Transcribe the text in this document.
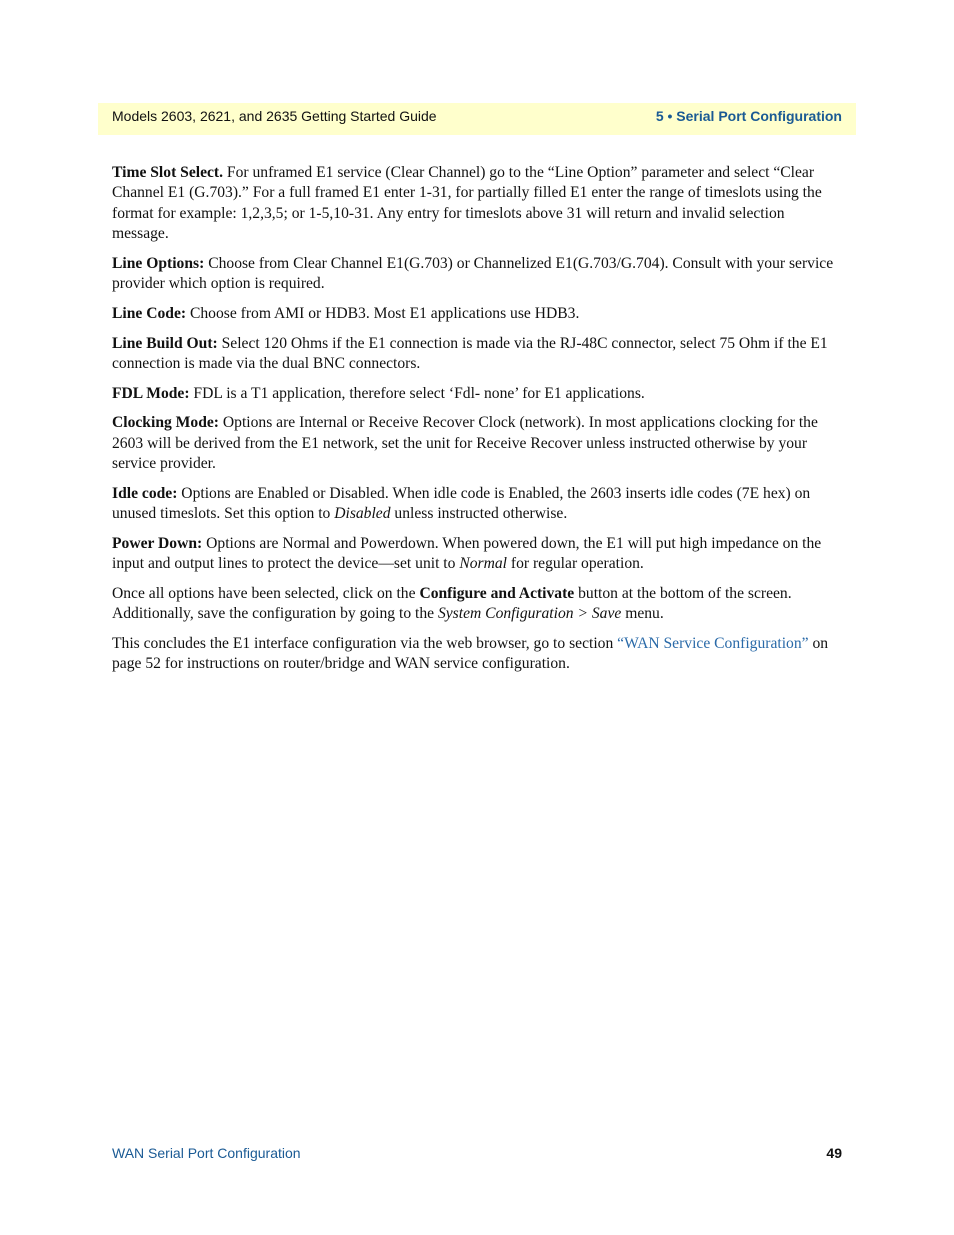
Models 2603, 2621, and 2635 Getting Started Guide	5 • Serial Port Configuration

Time Slot Select. For unframed E1 service (Clear Channel) go to the “Line Option” parameter and select “Clear Channel E1 (G.703).” For a full framed E1 enter 1-31, for partially filled E1 enter the range of timeslots using the format for example: 1,2,3,5; or 1-5,10-31. Any entry for timeslots above 31 will return and invalid selection message.

Line Options: Choose from Clear Channel E1(G.703) or Channelized E1(G.703/G.704). Consult with your service provider which option is required.

Line Code: Choose from AMI or HDB3. Most E1 applications use HDB3.

Line Build Out: Select 120 Ohms if the E1 connection is made via the RJ-48C connector, select 75 Ohm if the E1 connection is made via the dual BNC connectors.

FDL Mode: FDL is a T1 application, therefore select ‘Fdl- none’ for E1 applications.

Clocking Mode: Options are Internal or Receive Recover Clock (network). In most applications clocking for the 2603 will be derived from the E1 network, set the unit for Receive Recover unless instructed otherwise by your service provider.

Idle code: Options are Enabled or Disabled. When idle code is Enabled, the 2603 inserts idle codes (7E hex) on unused timeslots. Set this option to Disabled unless instructed otherwise.

Power Down: Options are Normal and Powerdown. When powered down, the E1 will put high impedance on the input and output lines to protect the device—set unit to Normal for regular operation.

Once all options have been selected, click on the Configure and Activate button at the bottom of the screen. Additionally, save the configuration by going to the System Configuration > Save menu.

This concludes the E1 interface configuration via the web browser, go to section “WAN Service Configuration” on page 52 for instructions on router/bridge and WAN service configuration.

WAN Serial Port Configuration	49
